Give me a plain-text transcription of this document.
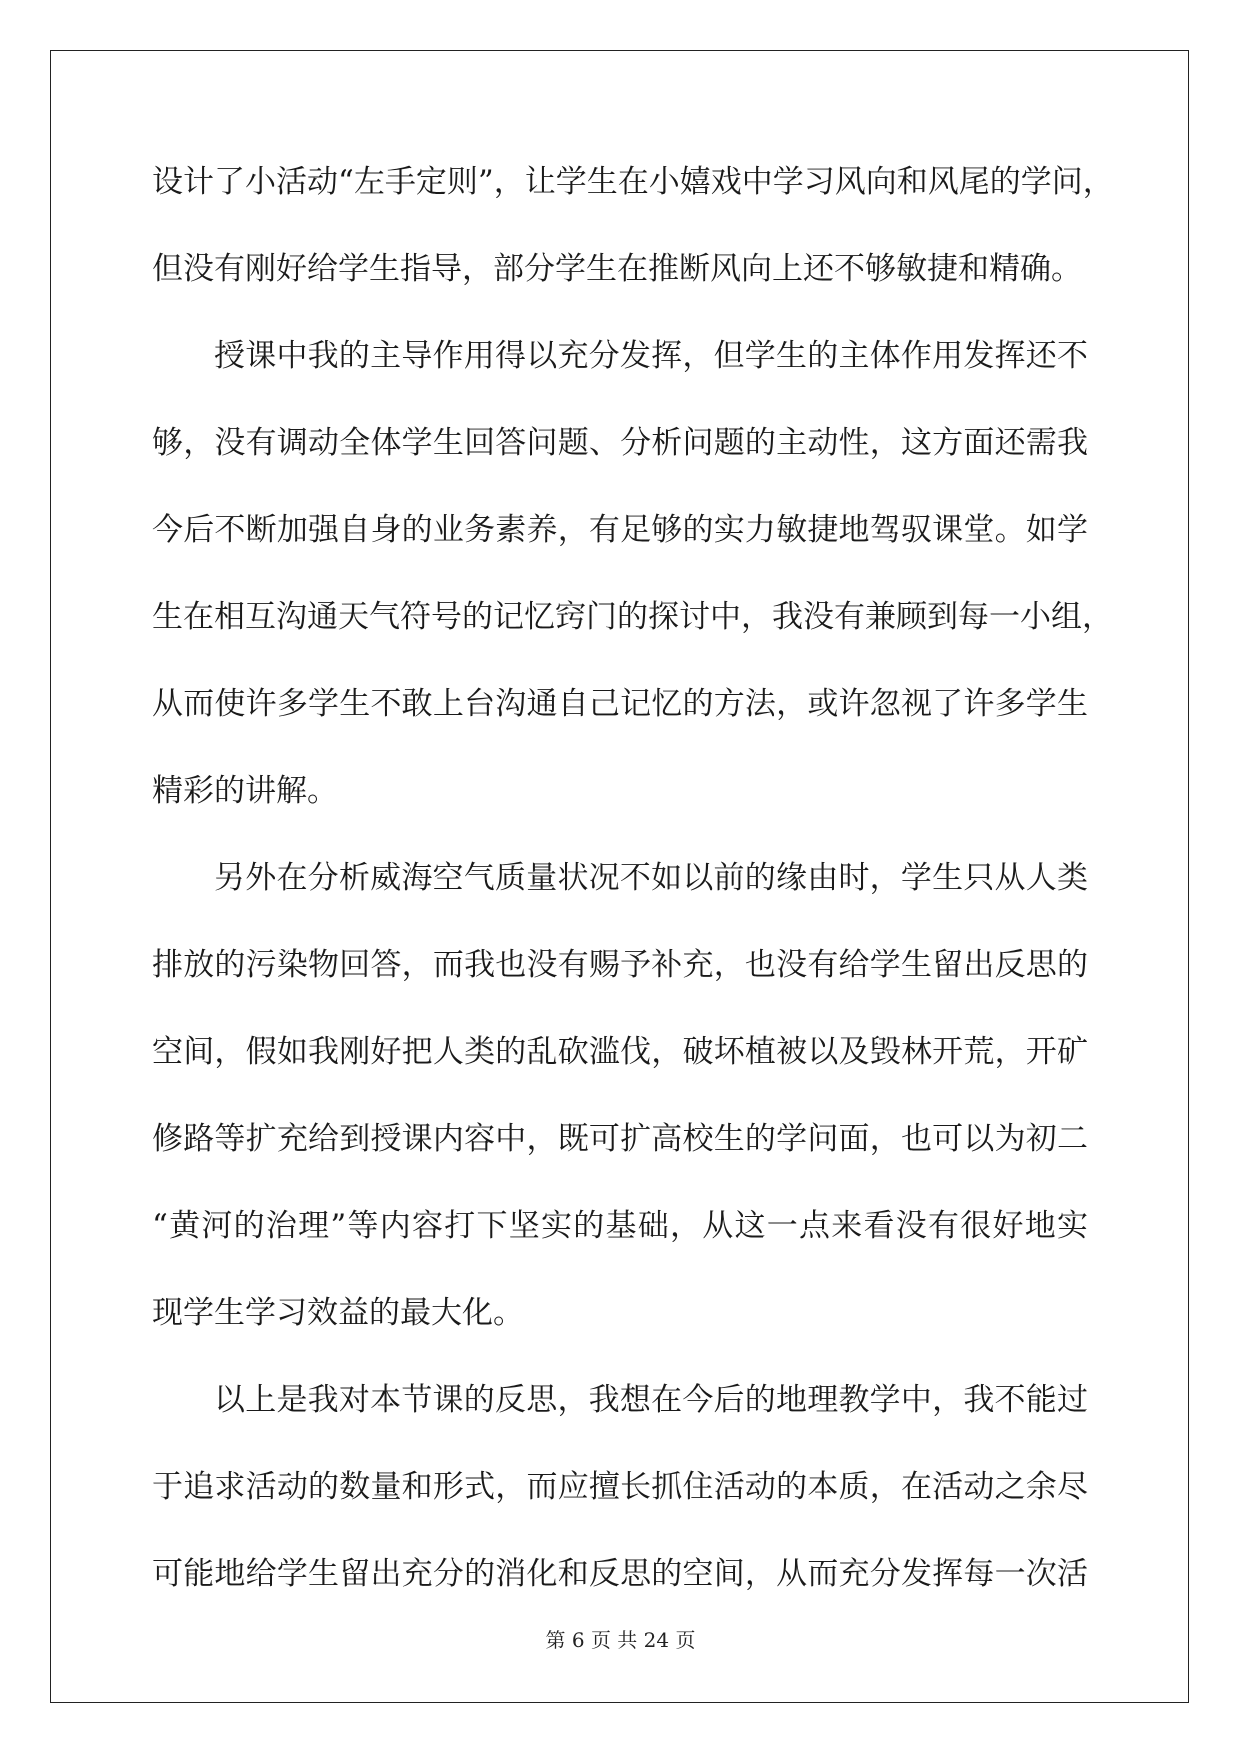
设计了小活动“左手定则”，让学生在小嬉戏中学习风向和风尾的学问，
但没有刚好给学生指导，部分学生在推断风向上还不够敏捷和精确。
授课中我的主导作用得以充分发挥，但学生的主体作用发挥还不
够，没有调动全体学生回答问题、分析问题的主动性，这方面还需我
今后不断加强自身的业务素养，有足够的实力敏捷地驾驭课堂。如学
生在相互沟通天气符号的记忆窍门的探讨中，我没有兼顾到每一小组，
从而使许多学生不敢上台沟通自己记忆的方法，或许忽视了许多学生
精彩的讲解。
另外在分析威海空气质量状况不如以前的缘由时，学生只从人类
排放的污染物回答，而我也没有赐予补充，也没有给学生留出反思的
空间，假如我刚好把人类的乱砍滥伐，破坏植被以及毁林开荒，开矿
修路等扩充给到授课内容中，既可扩高校生的学问面，也可以为初二
“黄河的治理”等内容打下坚实的基础，从这一点来看没有很好地实
现学生学习效益的最大化。
以上是我对本节课的反思，我想在今后的地理教学中，我不能过
于追求活动的数量和形式，而应擅长抓住活动的本质，在活动之余尽
可能地给学生留出充分的消化和反思的空间，从而充分发挥每一次活
第 6 页 共 24 页
